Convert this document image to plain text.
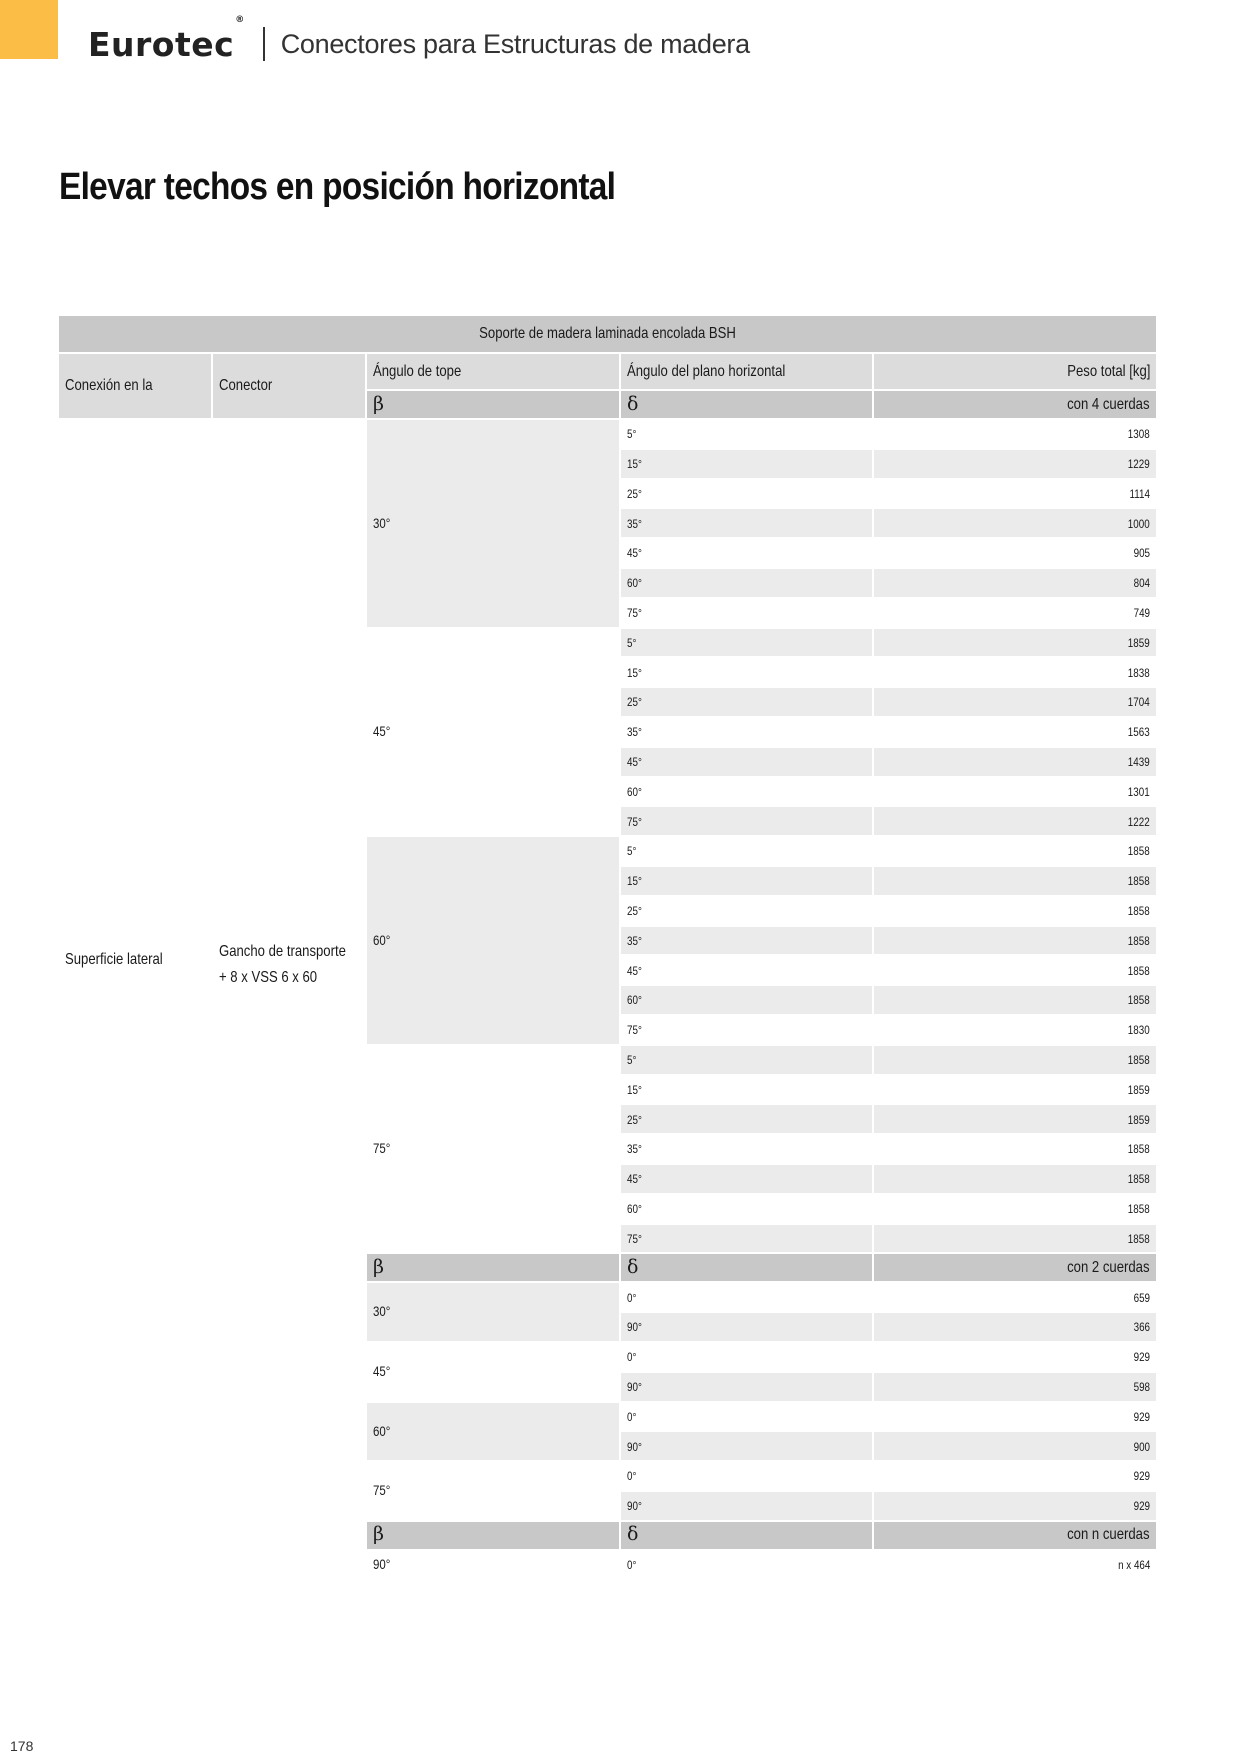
Eurotec®
Conectores para Estructuras de madera
Elevar techos en posición horizontal
Soporte de madera laminada encolada BSH				
Conexión en la	Conector	Ángulo de tope	Ángulo del plano horizontal	Peso total [kg]
		β	δ	con 4 cuerdas
Superficie lateral	Gancho de transporte+ 8 x VSS 6 x 60	30°	5°	1308
			15°	1229
			25°	1114
			35°	1000
			45°	905
			60°	804
			75°	749
		45°	5°	1859
			15°	1838
			25°	1704
			35°	1563
			45°	1439
			60°	1301
			75°	1222
		60°	5°	1858
			15°	1858
			25°	1858
			35°	1858
			45°	1858
			60°	1858
			75°	1830
		75°	5°	1858
			15°	1859
			25°	1859
			35°	1858
			45°	1858
			60°	1858
			75°	1858
		β	δ	con 2 cuerdas
		30°	0°	659
			90°	366
		45°	0°	929
			90°	598
		60°	0°	929
			90°	900
		75°	0°	929
			90°	929
		β	δ	con n cuerdas
		90°	0°	n x 464
178
